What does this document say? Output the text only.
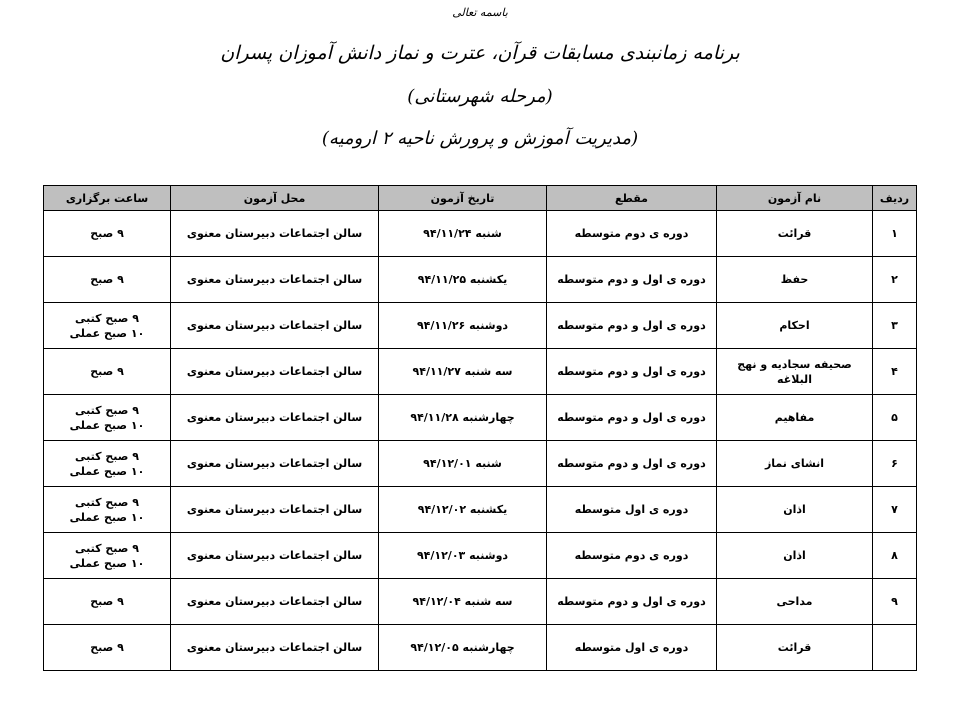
باسمه تعالی
برنامه زمانبندی مسابقات قرآن، عترت و نماز دانش آموزان پسران
(مرحله شهرستانی)
(مدیریت آموزش و پرورش ناحیه ۲ ارومیه)
ردیف	نام آزمون	مقطع	تاریخ آزمون	محل آزمون	ساعت برگزاری
۱	قرائت	دوره ی دوم متوسطه	شنبه ۹۴/۱۱/۲۴	سالن اجتماعات دبیرستان معنوی	۹ صبح

۲	حفظ	دوره ی اول و دوم متوسطه	یکشنبه ۹۴/۱۱/۲۵	سالن اجتماعات دبیرستان معنوی	۹ صبح

۳	احکام	دوره ی اول و دوم متوسطه	دوشنبه ۹۴/۱۱/۲۶	سالن اجتماعات دبیرستان معنوی	۹ صبح کتبی
۱۰ صبح عملی

۴	صحیفه سجادیه و نهج البلاغه	دوره ی اول و دوم متوسطه	سه شنبه ۹۴/۱۱/۲۷	سالن اجتماعات دبیرستان معنوی	۹ صبح

۵	مفاهیم	دوره ی اول و دوم متوسطه	چهارشنبه ۹۴/۱۱/۲۸	سالن اجتماعات دبیرستان معنوی	۹ صبح کتبی
۱۰ صبح عملی

۶	انشای نماز	دوره ی اول و دوم متوسطه	شنبه ۹۴/۱۲/۰۱	سالن اجتماعات دبیرستان معنوی	۹ صبح کتبی
۱۰ صبح عملی

۷	اذان	دوره ی اول متوسطه	یکشنبه ۹۴/۱۲/۰۲	سالن اجتماعات دبیرستان معنوی	۹ صبح کتبی
۱۰ صبح عملی

۸	اذان	دوره ی دوم متوسطه	دوشنبه ۹۴/۱۲/۰۳	سالن اجتماعات دبیرستان معنوی	۹ صبح کتبی
۱۰ صبح عملی

۹	مداحی	دوره ی اول و دوم متوسطه	سه شنبه ۹۴/۱۲/۰۴	سالن اجتماعات دبیرستان معنوی	۹ صبح

	قرائت	دوره ی اول متوسطه	چهارشنبه ۹۴/۱۲/۰۵	سالن اجتماعات دبیرستان معنوی	۹ صبح
